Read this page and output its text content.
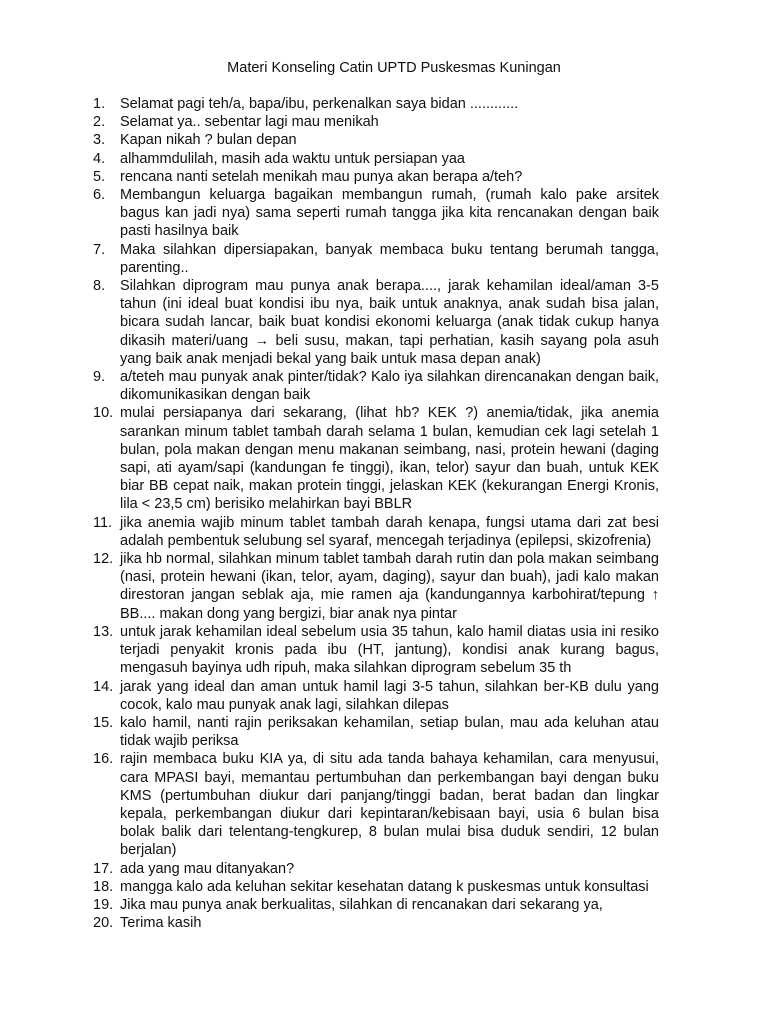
Materi Konseling Catin UPTD Puskesmas Kuningan
1.	Selamat pagi teh/a, bapa/ibu, perkenalkan saya bidan ............
2.	Selamat ya.. sebentar lagi mau menikah
3.	Kapan nikah ? bulan depan
4.	alhammdulilah, masih ada waktu untuk persiapan yaa
5.	rencana nanti setelah menikah mau punya akan berapa a/teh?
6.	Membangun keluarga bagaikan membangun rumah, (rumah kalo pake arsitek bagus kan jadi nya) sama seperti rumah tangga jika kita rencanakan dengan baik pasti hasilnya baik
7.	Maka silahkan dipersiapakan, banyak membaca buku tentang berumah tangga, parenting..
8.	Silahkan diprogram mau punya anak berapa...., jarak kehamilan ideal/aman 3-5 tahun (ini ideal buat kondisi ibu nya, baik untuk anaknya, anak sudah bisa jalan, bicara sudah lancar, baik buat kondisi ekonomi keluarga (anak tidak cukup hanya dikasih materi/uang → beli susu, makan, tapi perhatian, kasih sayang pola asuh yang baik anak menjadi bekal yang baik untuk masa depan anak)
9.	a/teteh mau punyak anak pinter/tidak? Kalo iya silahkan direncanakan dengan baik, dikomunikasikan dengan baik
10. mulai persiapanya dari sekarang, (lihat hb? KEK ?) anemia/tidak, jika anemia sarankan minum tablet tambah darah selama 1 bulan, kemudian cek lagi setelah 1 bulan, pola makan dengan menu makanan seimbang, nasi, protein hewani (daging sapi, ati ayam/sapi (kandungan fe tinggi), ikan, telor) sayur dan buah, untuk KEK biar BB cepat naik, makan protein tinggi, jelaskan KEK (kekurangan Energi Kronis, lila < 23,5 cm) berisiko melahirkan bayi BBLR
11. jika anemia wajib minum tablet tambah darah kenapa, fungsi utama dari zat besi adalah pembentuk selubung sel syaraf, mencegah terjadinya (epilepsi, skizofrenia)
12. jika hb normal, silahkan minum tablet tambah darah rutin dan pola makan seimbang (nasi, protein hewani (ikan, telor, ayam, daging), sayur dan buah), jadi kalo makan direstoran jangan seblak aja, mie ramen aja (kandungannya karbohirat/tepung ↑ BB.... makan dong yang bergizi, biar anak nya pintar
13. untuk jarak kehamilan ideal sebelum usia 35 tahun, kalo hamil diatas usia ini resiko terjadi penyakit kronis pada ibu (HT, jantung), kondisi anak kurang bagus, mengasuh bayinya udh ripuh, maka silahkan diprogram sebelum 35 th
14. jarak yang ideal dan aman untuk hamil lagi 3-5 tahun, silahkan ber-KB dulu yang cocok, kalo mau punyak anak lagi, silahkan dilepas
15. kalo hamil, nanti rajin periksakan kehamilan, setiap bulan, mau ada keluhan atau tidak wajib periksa
16. rajin membaca buku KIA ya, di situ ada tanda bahaya kehamilan, cara menyusui, cara MPASI bayi, memantau pertumbuhan dan perkembangan bayi dengan buku KMS (pertumbuhan diukur dari panjang/tinggi badan, berat badan dan lingkar kepala, perkembangan diukur dari kepintaran/kebisaan bayi, usia 6 bulan bisa bolak balik dari telentang-tengkurep, 8 bulan mulai bisa duduk sendiri, 12 bulan berjalan)
17. ada yang mau ditanyakan?
18. mangga kalo ada keluhan sekitar kesehatan datang k puskesmas untuk konsultasi
19. Jika mau punya anak berkualitas, silahkan di rencanakan dari sekarang ya,
20. Terima kasih
